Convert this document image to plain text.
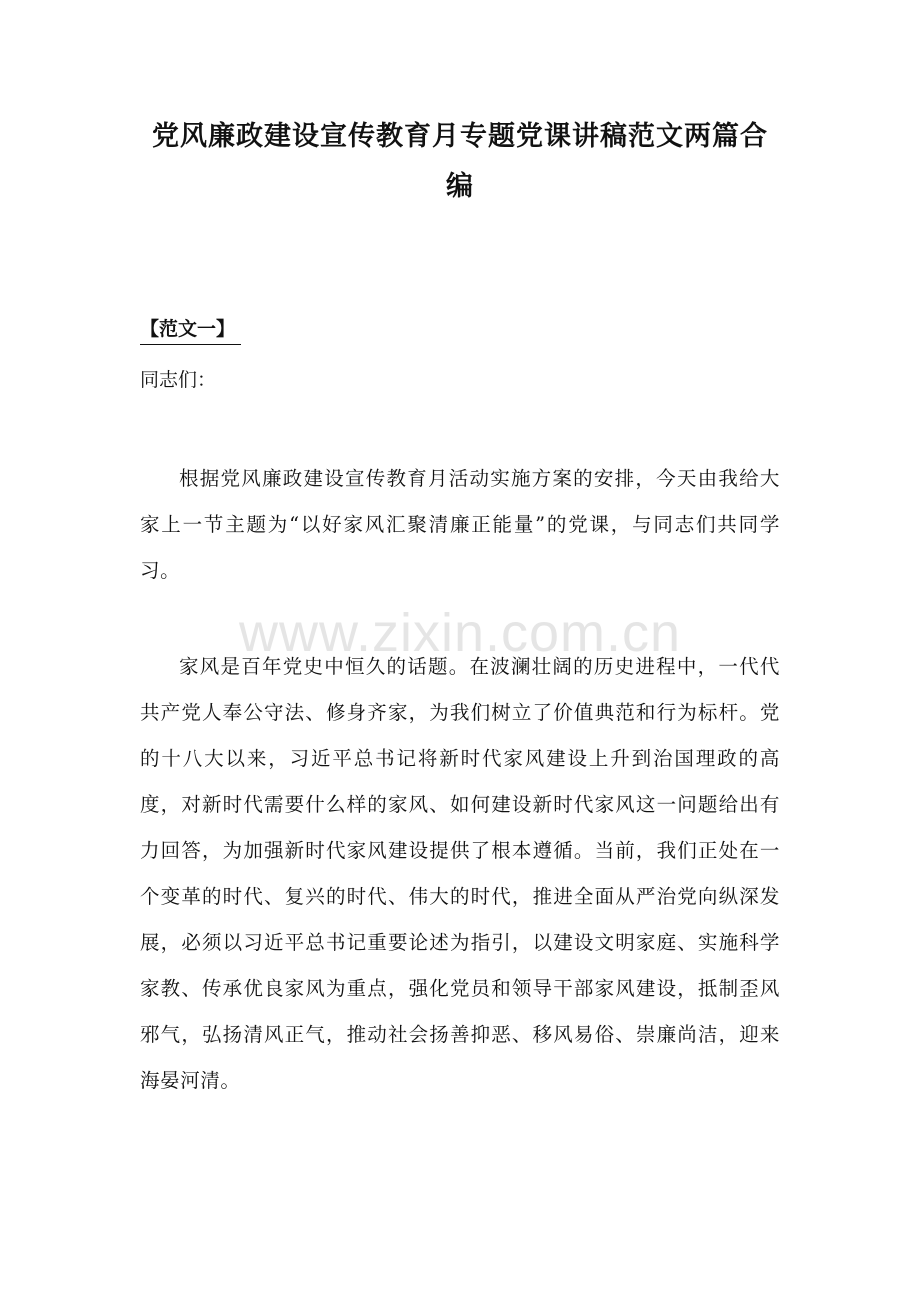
党风廉政建设宣传教育月专题党课讲稿范文两篇合编
【范文一】
同志们：

根据党风廉政建设宣传教育月活动实施方案的安排，今天由我给大家上一节主题为“以好家风汇聚清廉正能量”的党课，与同志们共同学习。

www.zixin.com.cn

家风是百年党史中恒久的话题。在波澜壮阔的历史进程中，一代代共产党人奉公守法、修身齐家，为我们树立了价值典范和行为标杆。党的十八大以来，习近平总书记将新时代家风建设上升到治国理政的高度，对新时代需要什么样的家风、如何建设新时代家风这一问题给出有力回答，为加强新时代家风建设提供了根本遵循。当前，我们正处在一个变革的时代、复兴的时代、伟大的时代，推进全面从严治党向纵深发展，必须以习近平总书记重要论述为指引，以建设文明家庭、实施科学家教、传承优良家风为重点，强化党员和领导干部家风建设，抵制歪风邪气，弘扬清风正气，推动社会扬善抑恶、移风易俗、崇廉尚洁，迎来海晏河清。
